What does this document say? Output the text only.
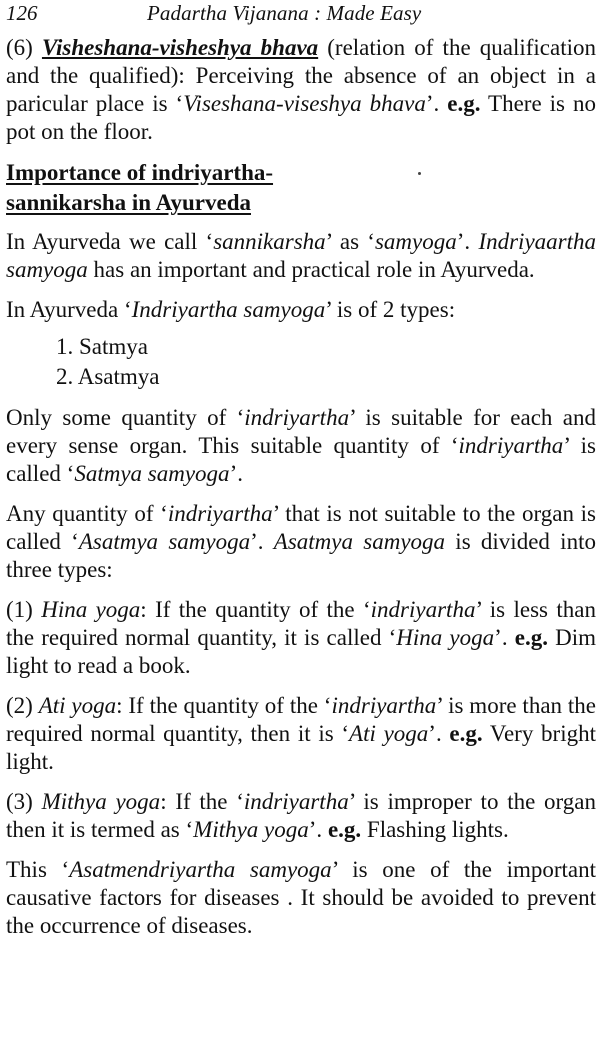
126	Padartha Vijanana : Made Easy

(6) Visheshana-visheshya bhava (relation of the qualification and the qualified): Perceiving the absence of an object in a paricular place is ‘Viseshana-viseshya bhava’. e.g. There is no pot on the floor.

Importance of indriyartha-
sannikarsha in Ayurveda

In Ayurveda we call ‘sannikarsha’ as ‘samyoga’. Indriyaartha samyoga has an important and practical role in Ayurveda.

In Ayurveda ‘Indriyartha samyoga’ is of 2 types:

1. Satmya
2. Asatmya

Only some quantity of ‘indriyartha’ is suitable for each and every sense organ. This suitable quantity of ‘indriyartha’ is called ‘Satmya samyoga’.

Any quantity of ‘indriyartha’ that is not suitable to the organ is called ‘Asatmya samyoga’. Asatmya samyoga is divided into three types:

(1) Hina yoga: If the quantity of the ‘indriyartha’ is less than the required normal quantity, it is called ‘Hina yoga’. e.g. Dim light to read a book.

(2) Ati yoga: If the quantity of the ‘indriyartha’ is more than the required normal quantity, then it is ‘Ati yoga’. e.g. Very bright light.

(3) Mithya yoga: If the ‘indriyartha’ is improper to the organ then it is termed as ‘Mithya yoga’. e.g. Flashing lights.

This ‘Asatmendriyartha samyoga’ is one of the important causative factors for diseases . It should be avoided to prevent the occurrence of diseases.
